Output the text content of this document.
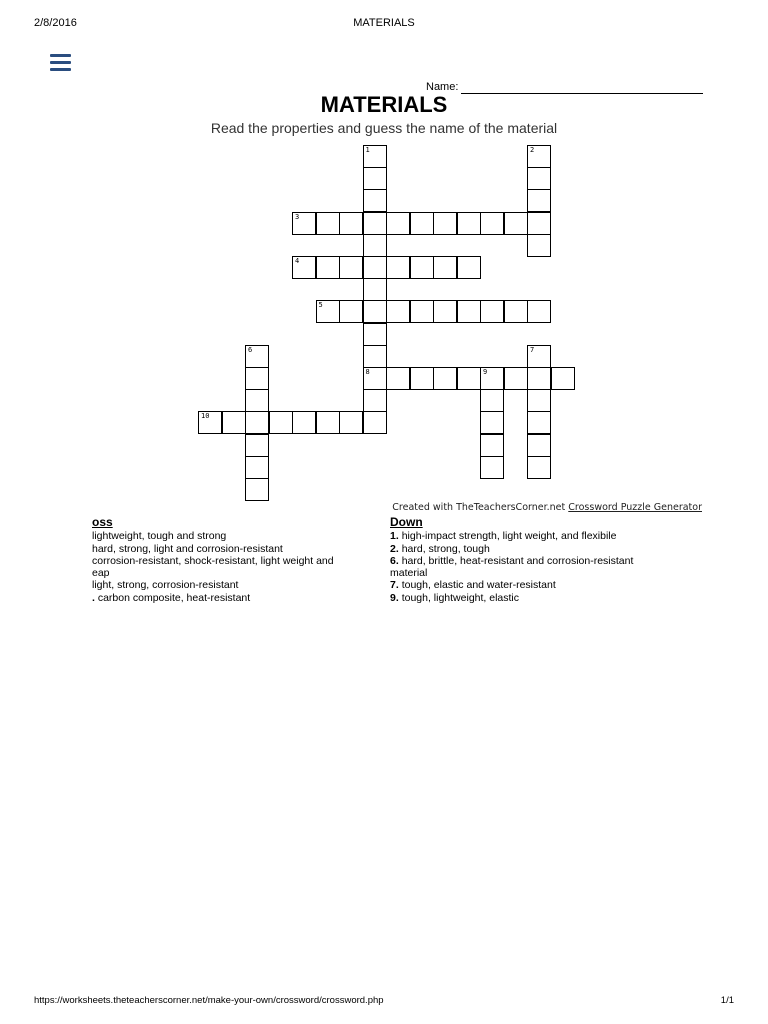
2/8/2016	MATERIALS
Name:
MATERIALS
Read the properties and guess the name of the material
1
8
2
3
4
5
6	7
9
10
Created with TheTeachersCorner.net Crossword Puzzle Generator
oss
lightweight, tough and strong
hard, strong, light and corrosion-resistant
corrosion-resistant, shock-resistant, light weight and
eap
light, strong, corrosion-resistant
. carbon composite, heat-resistant
Down
1. high-impact strength, light weight, and flexibile
2. hard, strong, tough
6. hard, brittle, heat-resistant and corrosion-resistant
material
7. tough, elastic and water-resistant
9. tough, lightweight, elastic
https://worksheets.theteacherscorner.net/make-your-own/crossword/crossword.php	1/1
